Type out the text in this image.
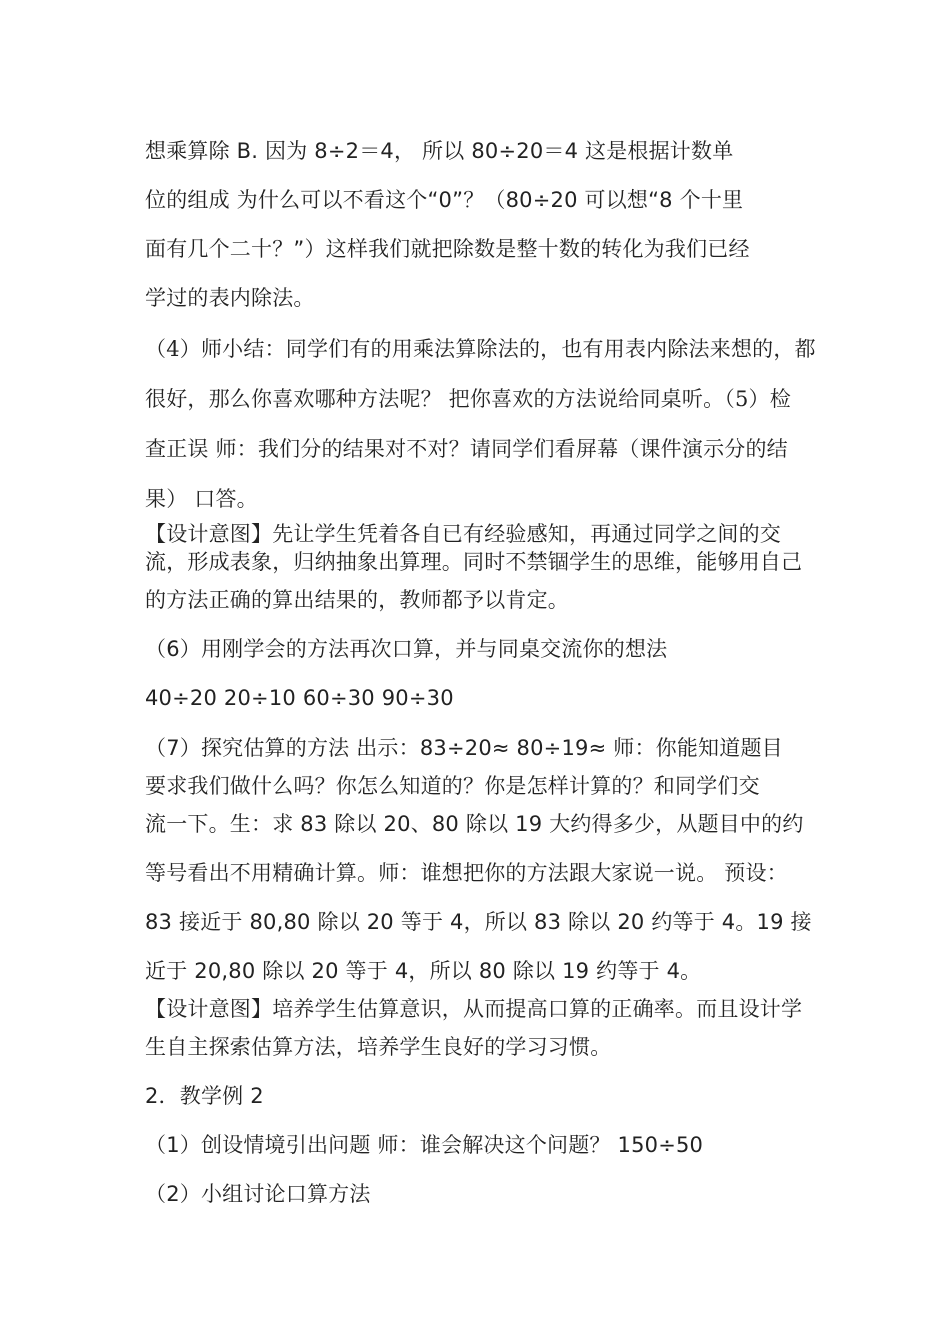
想乘算除 B. 因为 8÷2＝4， 所以 80÷20＝4 这是根据计数单
位的组成 为什么可以不看这个“0”？（80÷20 可以想“8 个十里
面有几个二十？”）这样我们就把除数是整十数的转化为我们已经
学过的表内除法。
（4）师小结：同学们有的用乘法算除法的，也有用表内除法来想的，都
很好，那么你喜欢哪种方法呢？ 把你喜欢的方法说给同桌听。（5）检
查正误 师：我们分的结果对不对？请同学们看屏幕（课件演示分的结
果） 口答。
【设计意图】先让学生凭着各自已有经验感知，再通过同学之间的交
流，形成表象，归纳抽象出算理。同时不禁锢学生的思维，能够用自己
的方法正确的算出结果的，教师都予以肯定。
（6）用刚学会的方法再次口算，并与同桌交流你的想法
40÷20 20÷10 60÷30 90÷30
（7）探究估算的方法 出示：83÷20≈ 80÷19≈ 师：你能知道题目
要求我们做什么吗？你怎么知道的？你是怎样计算的？和同学们交
流一下。生：求 83 除以 20、80 除以 19 大约得多少，从题目中的约
等号看出不用精确计算。师：谁想把你的方法跟大家说一说。 预设：
83 接近于 80,80 除以 20 等于 4，所以 83 除以 20 约等于 4。19 接
近于 20,80 除以 20 等于 4，所以 80 除以 19 约等于 4。
【设计意图】培养学生估算意识，从而提高口算的正确率。而且设计学
生自主探索估算方法，培养学生良好的学习习惯。
2．教学例 2
（1）创设情境引出问题 师：谁会解决这个问题？ 150÷50
（2）小组讨论口算方法
